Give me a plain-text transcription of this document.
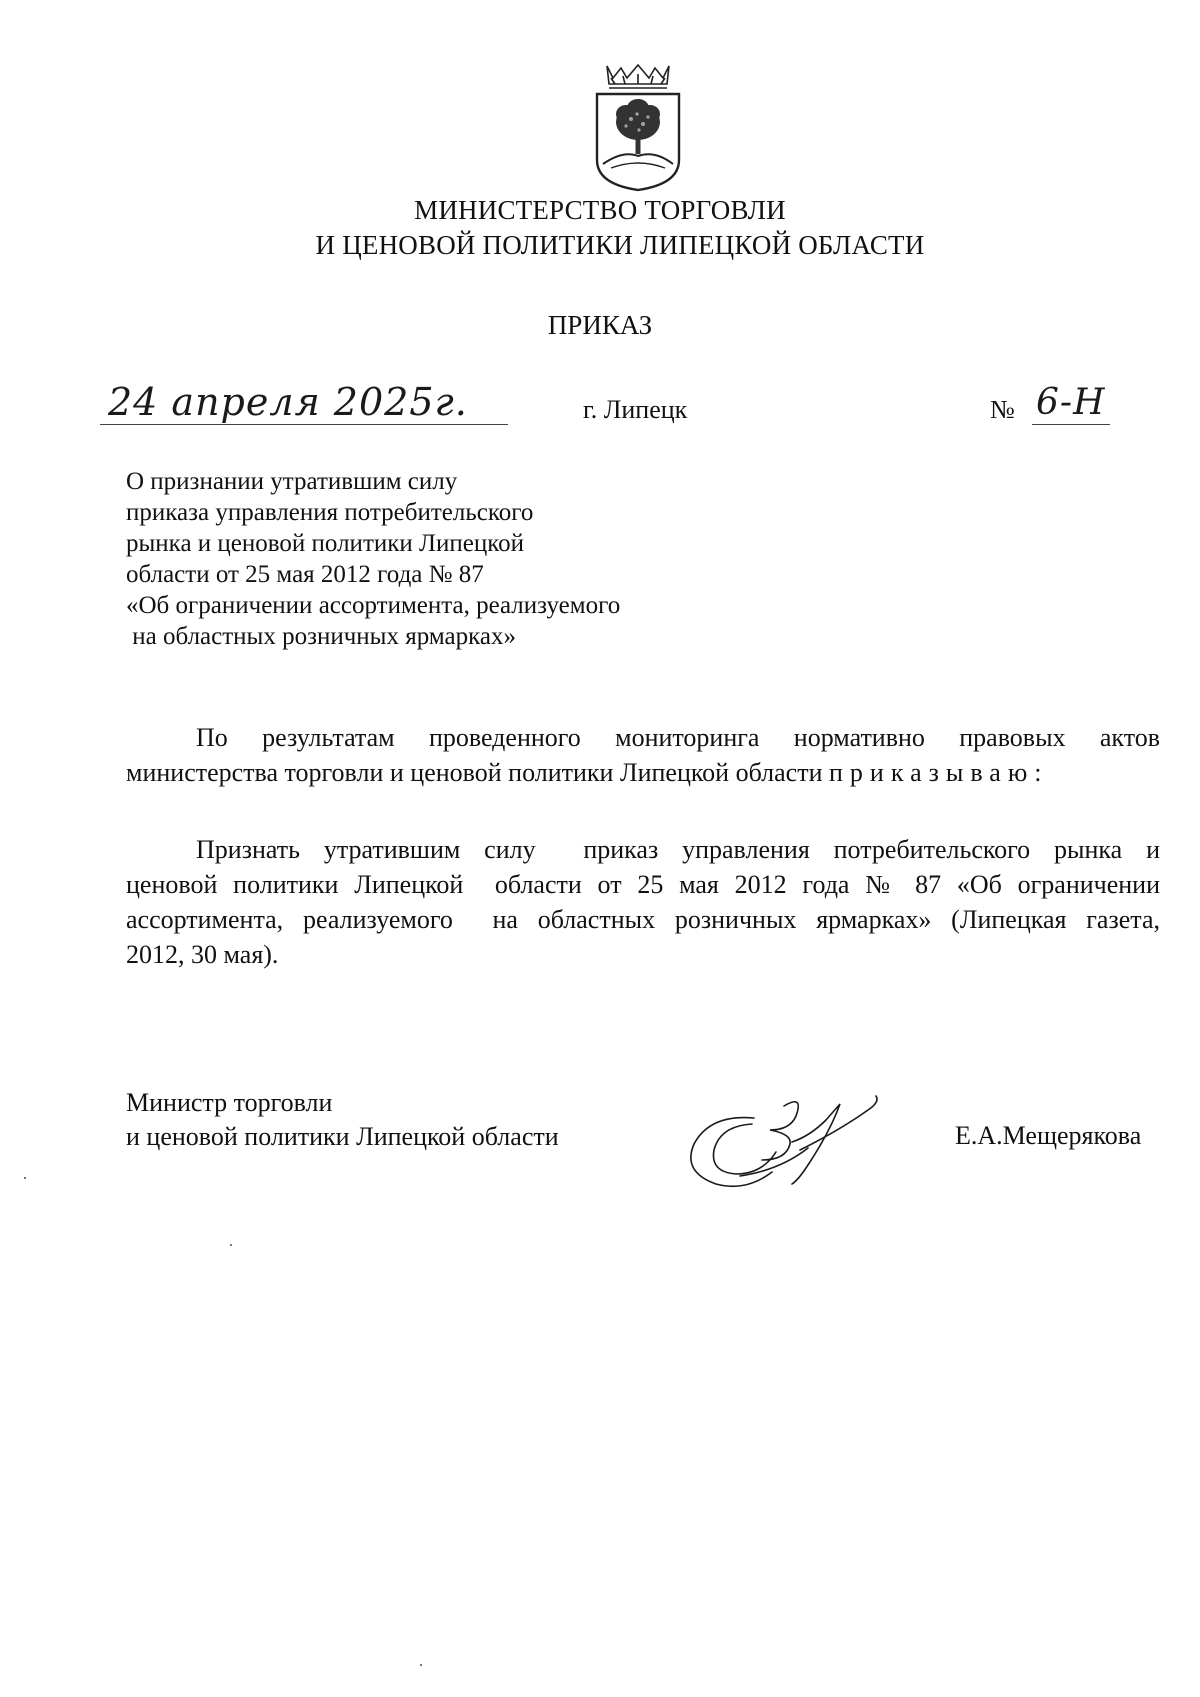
МИНИСТЕРСТВО ТОРГОВЛИ
И ЦЕНОВОЙ ПОЛИТИКИ ЛИПЕЦКОЙ ОБЛАСТИ
ПРИКАЗ
24 апреля 2025г.	г. Липецк	№ 6-Н
О признании утратившим силу
приказа управления потребительского
рынка и ценовой политики Липецкой
области от 25 мая 2012 года № 87
«Об ограничении ассортимента, реализуемого
на областных розничных ярмарках»
По результатам проведенного мониторинга нормативно правовых актов
министерства торговли и ценовой политики Липецкой области приказываю:
Признать утратившим силу  приказ управления потребительского рынка и
ценовой политики Липецкой  области от 25 мая 2012 года № 87 «Об ограничении
ассортимента, реализуемого  на областных розничных ярмарках» (Липецкая газета,
2012, 30 мая).
Министр торговли
и ценовой политики Липецкой области	Е.А.Мещерякова
